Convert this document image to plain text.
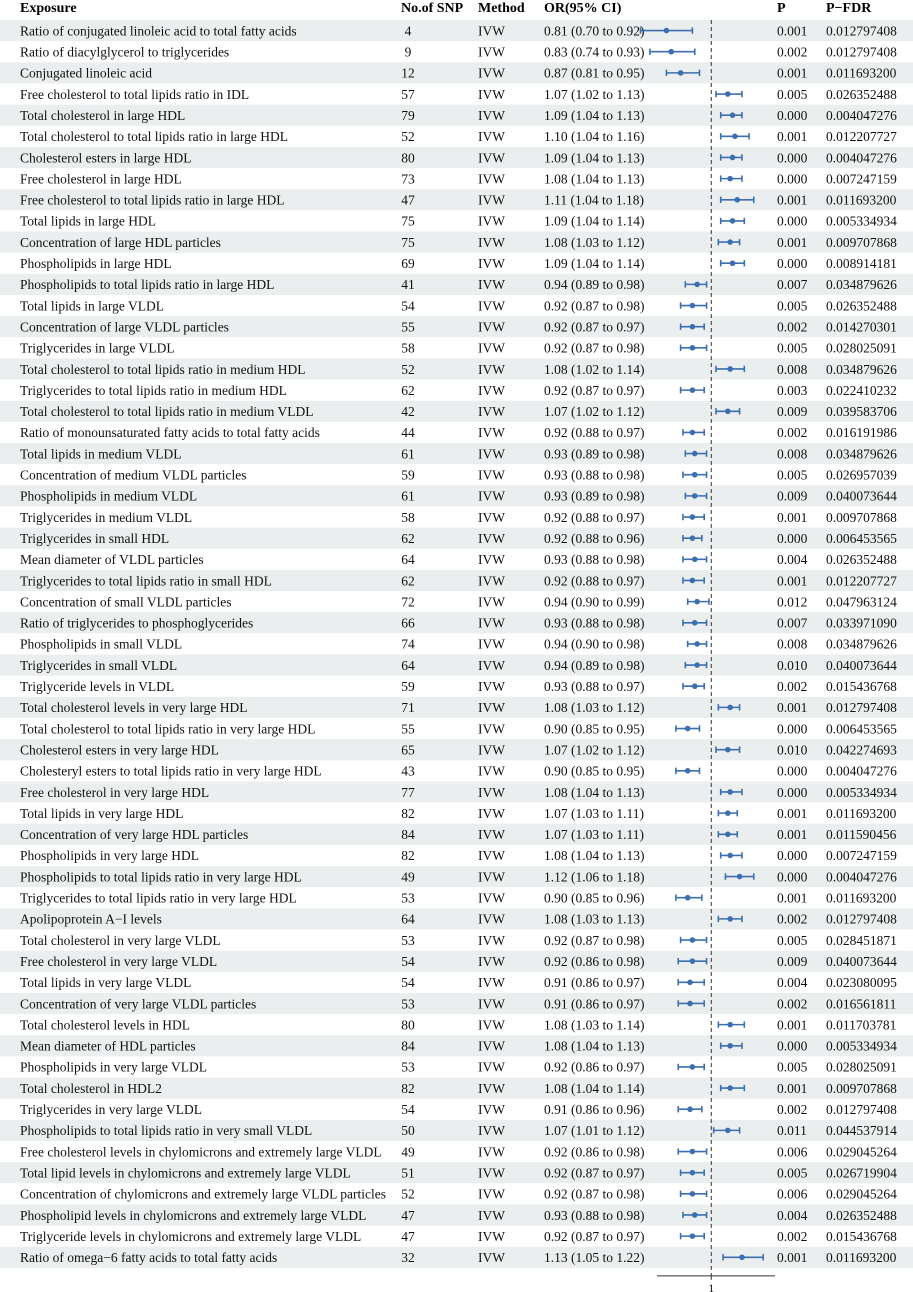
Exposure	No.of SNP Method OR(95% CI)	P	P−FDR
Ratio of conjugated linoleic acid to total fatty acids	4	IVW	0.81 (0.70 to 0.92)	0.001 0.012797408
Ratio of diacylglycerol to triglycerides	9	IVW	0.83 (0.74 to 0.93)	0.002 0.012797408
Conjugated linoleic acid	12	IVW	0.87 (0.81 to 0.95)	0.001 0.011693200
Free cholesterol to total lipids ratio in IDL	57	IVW	1.07 (1.02 to 1.13)	0.005 0.026352488
Total cholesterol in large HDL	79	IVW	1.09 (1.04 to 1.13)	0.000 0.004047276
Total cholesterol to total lipids ratio in large HDL	52	IVW	1.10 (1.04 to 1.16)	0.001 0.012207727
Cholesterol esters in large HDL	80	IVW	1.09 (1.04 to 1.13)	0.000 0.004047276
Free cholesterol in large HDL	73	IVW	1.08 (1.04 to 1.13)	0.000 0.007247159
Free cholesterol to total lipids ratio in large HDL	47	IVW	1.11 (1.04 to 1.18)	0.001 0.011693200
Total lipids in large HDL	75	IVW	1.09 (1.04 to 1.14)	0.000 0.005334934
Concentration of large HDL particles	75	IVW	1.08 (1.03 to 1.12)	0.001 0.009707868
Phospholipids in large HDL	69	IVW	1.09 (1.04 to 1.14)	0.000 0.008914181
Phospholipids to total lipids ratio in large HDL	41	IVW	0.94 (0.89 to 0.98)	0.007 0.034879626
Total lipids in large VLDL	54	IVW	0.92 (0.87 to 0.98)	0.005 0.026352488
Concentration of large VLDL particles	55	IVW	0.92 (0.87 to 0.97)	0.002 0.014270301
Triglycerides in large VLDL	58	IVW	0.92 (0.87 to 0.98)	0.005 0.028025091
Total cholesterol to total lipids ratio in medium HDL	52	IVW	1.08 (1.02 to 1.14)	0.008 0.034879626
Triglycerides to total lipids ratio in medium HDL	62	IVW	0.92 (0.87 to 0.97)	0.003 0.022410232
Total cholesterol to total lipids ratio in medium VLDL	42	IVW	1.07 (1.02 to 1.12)	0.009 0.039583706
Ratio of monounsaturated fatty acids to total fatty acids	44	IVW	0.92 (0.88 to 0.97)	0.002 0.016191986
Total lipids in medium VLDL	61	IVW	0.93 (0.89 to 0.98)	0.008 0.034879626
Concentration of medium VLDL particles	59	IVW	0.93 (0.88 to 0.98)	0.005 0.026957039
Phospholipids in medium VLDL	61	IVW	0.93 (0.89 to 0.98)	0.009 0.040073644
Triglycerides in medium VLDL	58	IVW	0.92 (0.88 to 0.97)	0.001 0.009707868
Triglycerides in small HDL	62	IVW	0.92 (0.88 to 0.96)	0.000 0.006453565
Mean diameter of VLDL particles	64	IVW	0.93 (0.88 to 0.98)	0.004 0.026352488
Triglycerides to total lipids ratio in small HDL	62	IVW	0.92 (0.88 to 0.97)	0.001 0.012207727
Concentration of small VLDL particles	72	IVW	0.94 (0.90 to 0.99)	0.012 0.047963124
Ratio of triglycerides to phosphoglycerides	66	IVW	0.93 (0.88 to 0.98)	0.007 0.033971090
Phospholipids in small VLDL	74	IVW	0.94 (0.90 to 0.98)	0.008 0.034879626
Triglycerides in small VLDL	64	IVW	0.94 (0.89 to 0.98)	0.010 0.040073644
Triglyceride levels in VLDL	59	IVW	0.93 (0.88 to 0.97)	0.002 0.015436768
Total cholesterol levels in very large HDL	71	IVW	1.08 (1.03 to 1.12)	0.001 0.012797408
Total cholesterol to total lipids ratio in very large HDL	55	IVW	0.90 (0.85 to 0.95)	0.000 0.006453565
Cholesterol esters in very large HDL	65	IVW	1.07 (1.02 to 1.12)	0.010 0.042274693
Cholesteryl esters to total lipids ratio in very large HDL	43	IVW	0.90 (0.85 to 0.95)	0.000 0.004047276
Free cholesterol in very large HDL	77	IVW	1.08 (1.04 to 1.13)	0.000 0.005334934
Total lipids in very large HDL	82	IVW	1.07 (1.03 to 1.11)	0.001 0.011693200
Concentration of very large HDL particles	84	IVW	1.07 (1.03 to 1.11)	0.001 0.011590456
Phospholipids in very large HDL	82	IVW	1.08 (1.04 to 1.13)	0.000 0.007247159
Phospholipids to total lipids ratio in very large HDL	49	IVW	1.12 (1.06 to 1.18)	0.000 0.004047276
Triglycerides to total lipids ratio in very large HDL	53	IVW	0.90 (0.85 to 0.96)	0.001 0.011693200
Apolipoprotein A−I levels	64	IVW	1.08 (1.03 to 1.13)	0.002 0.012797408
Total cholesterol in very large VLDL	53	IVW	0.92 (0.87 to 0.98)	0.005 0.028451871
Free cholesterol in very large VLDL	54	IVW	0.92 (0.86 to 0.98)	0.009 0.040073644
Total lipids in very large VLDL	54	IVW	0.91 (0.86 to 0.97)	0.004 0.023080095
Concentration of very large VLDL particles	53	IVW	0.91 (0.86 to 0.97)	0.002 0.016561811
Total cholesterol levels in HDL	80	IVW	1.08 (1.03 to 1.14)	0.001 0.011703781
Mean diameter of HDL particles	84	IVW	1.08 (1.04 to 1.13)	0.000 0.005334934
Phospholipids in very large VLDL	53	IVW	0.92 (0.86 to 0.97)	0.005 0.028025091
Total cholesterol in HDL2	82	IVW	1.08 (1.04 to 1.14)	0.001 0.009707868
Triglycerides in very large VLDL	54	IVW	0.91 (0.86 to 0.96)	0.002 0.012797408
Phospholipids to total lipids ratio in very small VLDL	50	IVW	1.07 (1.01 to 1.12)	0.011 0.044537914
Free cholesterol levels in chylomicrons and extremely large VLDL 49	IVW	0.92 (0.86 to 0.98)	0.006 0.029045264
Total lipid levels in chylomicrons and extremely large VLDL	51	IVW	0.92 (0.87 to 0.97)	0.005 0.026719904
Concentration of chylomicrons and extremely large VLDL particles 52	IVW	0.92 (0.87 to 0.98)	0.006 0.029045264
Phospholipid levels in chylomicrons and extremely large VLDL	47	IVW	0.93 (0.88 to 0.98)	0.004 0.026352488
Triglyceride levels in chylomicrons and extremely large VLDL	47	IVW	0.92 (0.87 to 0.97)	0.002 0.015436768
Ratio of omega−6 fatty acids to total fatty acids	32	IVW	1.13 (1.05 to 1.22)	0.001 0.011693200
1
